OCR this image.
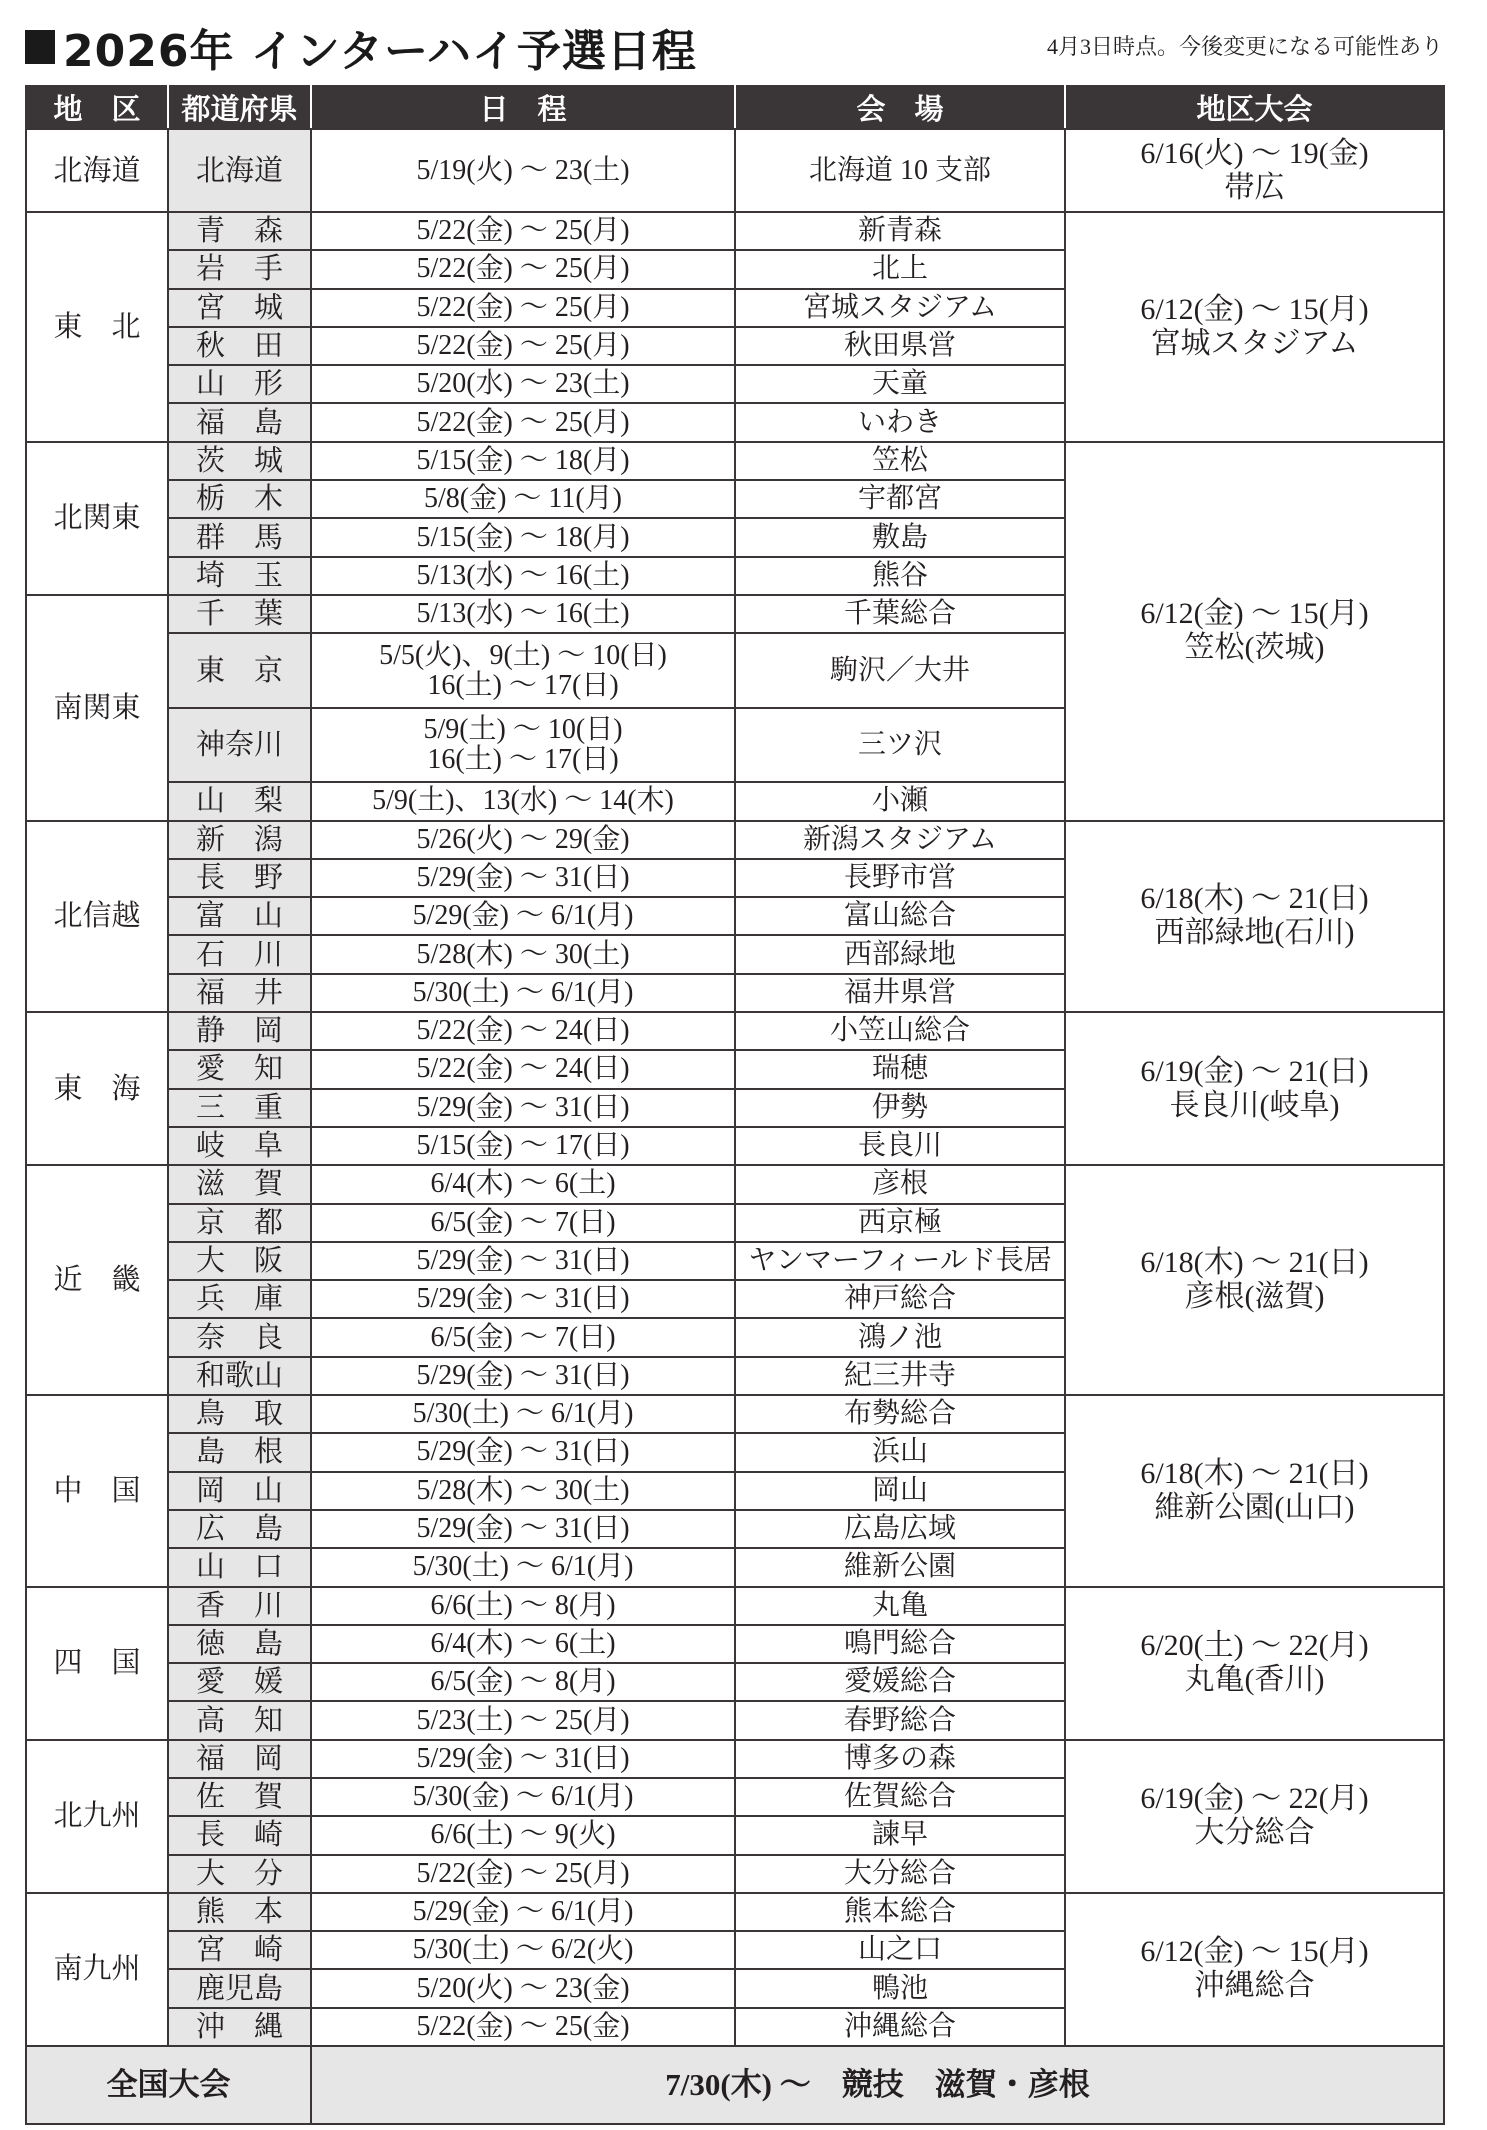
2026年 インターハイ予選日程	4月3日時点。今後変更になる可能性あり
地　区	都道府県	日　程	会　場	地区大会
北海道	北海道	5/19(火) ～ 23(土)	北海道 10 支部	6/16(火) ～ 19(金)
帯広

東　北	青　森	5/22(金) ～ 25(月)	新青森	6/12(金) ～ 15(月)
宮城スタジアム

	岩　手	5/22(金) ～ 25(月)	北上	
	宮　城	5/22(金) ～ 25(月)	宮城スタジアム	
	秋　田	5/22(金) ～ 25(月)	秋田県営	
	山　形	5/20(水) ～ 23(土)	天童	
	福　島	5/22(金) ～ 25(月)	いわき	
北関東	茨　城	5/15(金) ～ 18(月)	笠松	6/12(金) ～ 15(月)
笠松(茨城)

	栃　木	5/8(金) ～ 11(月)	宇都宮	
	群　馬	5/15(金) ～ 18(月)	敷島	
	埼　玉	5/13(水) ～ 16(土)	熊谷	
南関東	千　葉	5/13(水) ～ 16(土)	千葉総合	
	東　京	5/5(火)、9(土) ～ 10(日)
16(土) ～ 17(日)	駒沢／大井	
	神奈川	5/9(土) ～ 10(日)
16(土) ～ 17(日)	三ツ沢	
	山　梨	5/9(土)、13(水) ～ 14(木)	小瀬	
北信越	新　潟	5/26(火) ～ 29(金)	新潟スタジアム	6/18(木) ～ 21(日)
西部緑地(石川)

	長　野	5/29(金) ～ 31(日)	長野市営	
	富　山	5/29(金) ～ 6/1(月)	富山総合	
	石　川	5/28(木) ～ 30(土)	西部緑地	
	福　井	5/30(土) ～ 6/1(月)	福井県営	
東　海	静　岡	5/22(金) ～ 24(日)	小笠山総合	6/19(金) ～ 21(日)
長良川(岐阜)

	愛　知	5/22(金) ～ 24(日)	瑞穂	
	三　重	5/29(金) ～ 31(日)	伊勢	
	岐　阜	5/15(金) ～ 17(日)	長良川	
近　畿	滋　賀	6/4(木) ～ 6(土)	彦根	6/18(木) ～ 21(日)
彦根(滋賀)

	京　都	6/5(金) ～ 7(日)	西京極	
	大　阪	5/29(金) ～ 31(日)	ヤンマーフィールド長居	
	兵　庫	5/29(金) ～ 31(日)	神戸総合	
	奈　良	6/5(金) ～ 7(日)	鴻ノ池	
	和歌山	5/29(金) ～ 31(日)	紀三井寺	
中　国	鳥　取	5/30(土) ～ 6/1(月)	布勢総合	6/18(木) ～ 21(日)
維新公園(山口)

	島　根	5/29(金) ～ 31(日)	浜山	
	岡　山	5/28(木) ～ 30(土)	岡山	
	広　島	5/29(金) ～ 31(日)	広島広域	
	山　口	5/30(土) ～ 6/1(月)	維新公園	
四　国	香　川	6/6(土) ～ 8(月)	丸亀	6/20(土) ～ 22(月)
丸亀(香川)

	徳　島	6/4(木) ～ 6(土)	鳴門総合	
	愛　媛	6/5(金) ～ 8(月)	愛媛総合	
	高　知	5/23(土) ～ 25(月)	春野総合	
北九州	福　岡	5/29(金) ～ 31(日)	博多の森	6/19(金) ～ 22(月)
大分総合

	佐　賀	5/30(金) ～ 6/1(月)	佐賀総合	
	長　崎	6/6(土) ～ 9(火)	諫早	
	大　分	5/22(金) ～ 25(月)	大分総合	
南九州	熊　本	5/29(金) ～ 6/1(月)	熊本総合	6/12(金) ～ 15(月)
沖縄総合

	宮　崎	5/30(土) ～ 6/2(火)	山之口	
	鹿児島	5/20(火) ～ 23(金)	鴨池	
	沖　縄	5/22(金) ～ 25(金)	沖縄総合	
全国大会		7/30(木) ～　競技　滋賀・彦根		
